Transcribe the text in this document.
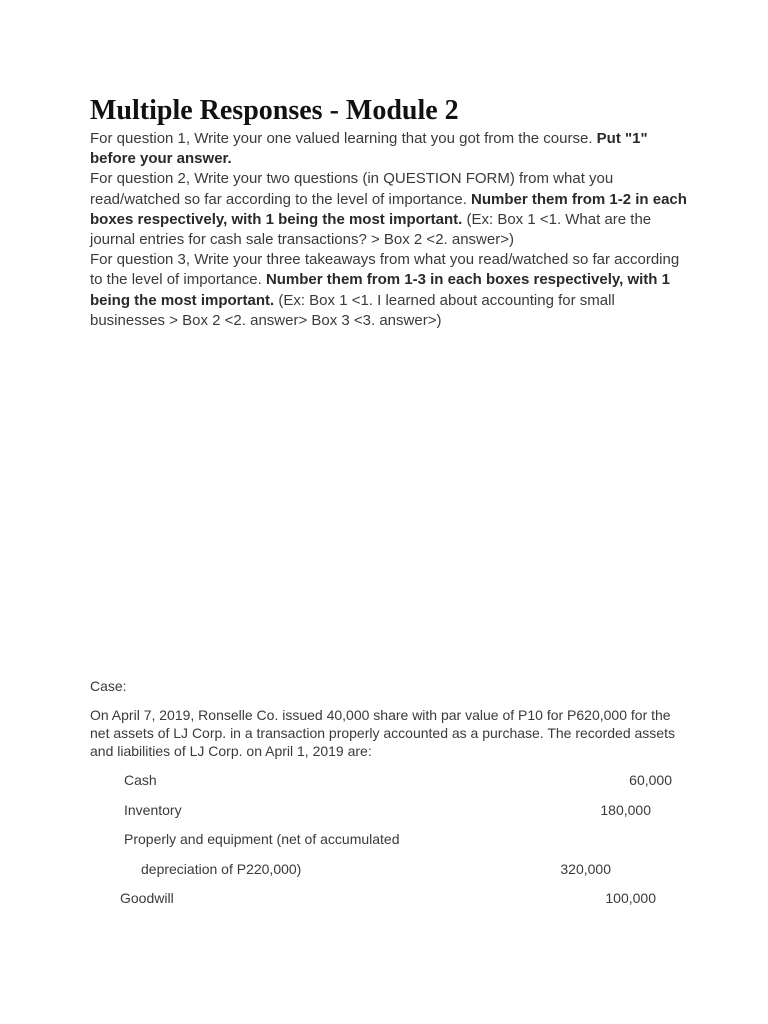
Multiple Responses - Module 2

For question 1, Write your one valued learning that you got from the course. Put "1" before your answer.

For question 2, Write your two questions (in QUESTION FORM) from what you read/watched so far according to the level of importance. Number them from 1-2 in each boxes respectively, with 1 being the most important. (Ex: Box 1 <1. What are the journal entries for cash sale transactions? > Box 2 <2. answer>)

For question 3, Write your three takeaways from what you read/watched so far according to the level of importance. Number them from 1-3 in each boxes respectively, with 1 being the most important. (Ex: Box 1 <1. I learned about accounting for small businesses > Box 2 <2. answer> Box 3 <3. answer>)

Case:

On April 7, 2019, Ronselle Co. issued 40,000 share with par value of P10 for P620,000 for the net assets of LJ Corp. in a transaction properly accounted as a purchase. The recorded assets and liabilities of LJ Corp. on April 1, 2019 are:

Cash	60,000
Inventory	180,000
Properly and equipment (net of accumulated
depreciation of P220,000)	320,000
Goodwill	100,000
